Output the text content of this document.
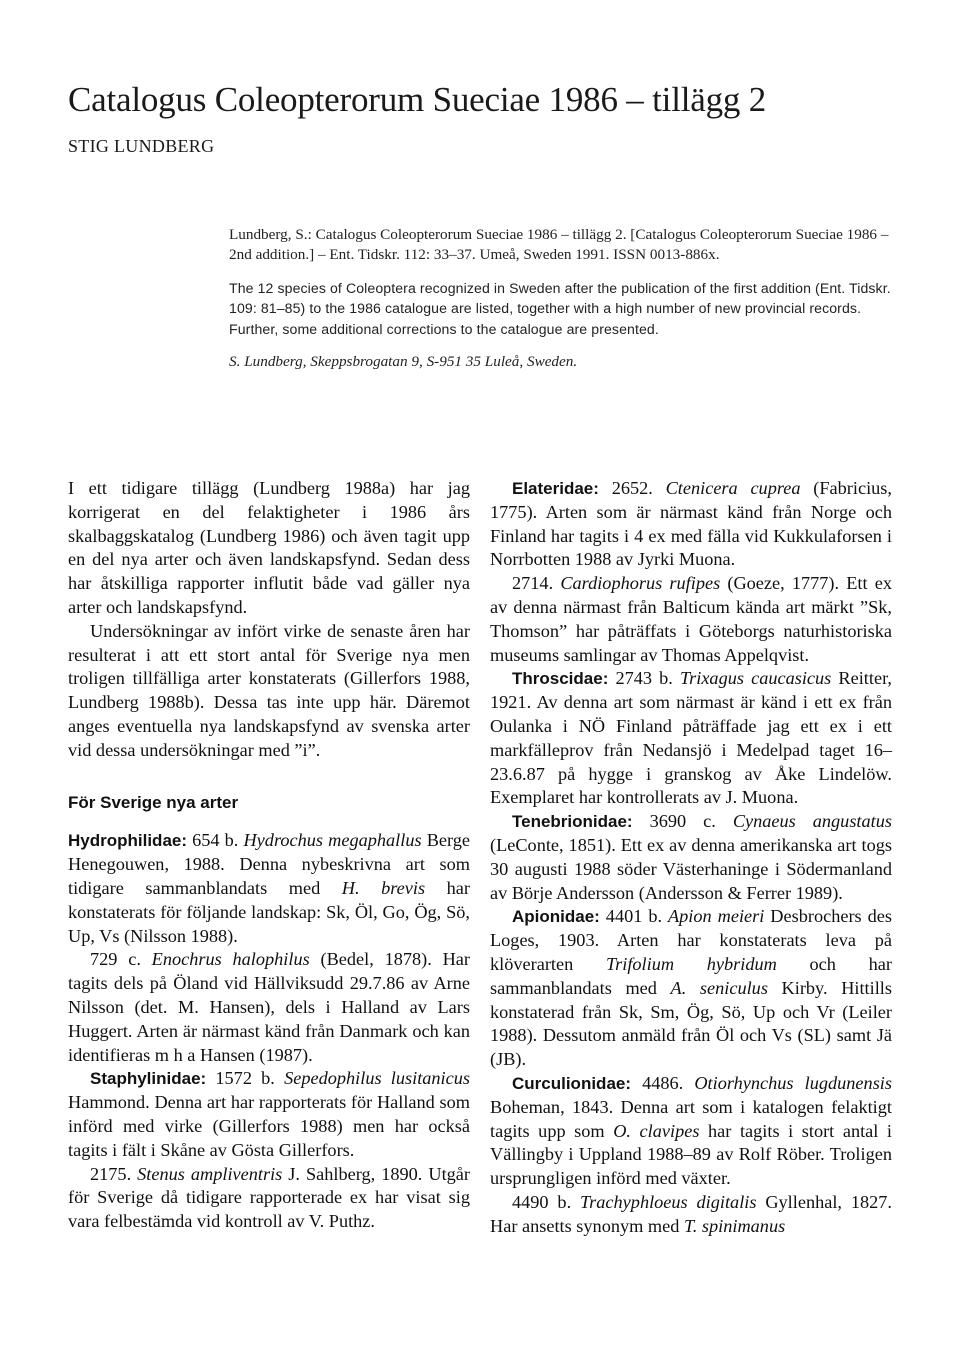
Catalogus Coleopterorum Sueciae 1986 – tillägg 2

STIG LUNDBERG

Lundberg, S.: Catalogus Coleopterorum Sueciae 1986 – tillägg 2. [Catalogus Coleopterorum Sueciae 1986 – 2nd addition.] – Ent. Tidskr. 112: 33–37. Umeå, Sweden 1991. ISSN 0013-886x.

The 12 species of Coleoptera recognized in Sweden after the publication of the first addition (Ent. Tidskr. 109: 81–85) to the 1986 catalogue are listed, together with a high number of new provincial records. Further, some additional corrections to the catalogue are presented.

S. Lundberg, Skeppsbrogatan 9, S-951 35 Luleå, Sweden.

I ett tidigare tillägg (Lundberg 1988a) har jag korrigerat en del felaktigheter i 1986 års skalbaggskatalog (Lundberg 1986) och även tagit upp en del nya arter och även landskapsfynd. Sedan dess har åtskilliga rapporter influtit både vad gäller nya arter och landskapsfynd.

Undersökningar av infört virke de senaste åren har resulterat i att ett stort antal för Sverige nya men troligen tillfälliga arter konstaterats (Gillerfors 1988, Lundberg 1988b). Dessa tas inte upp här. Däremot anges eventuella nya landskapsfynd av svenska arter vid dessa undersökningar med ”i”.

För Sverige nya arter

Hydrophilidae: 654 b. Hydrochus megaphallus Berge Henegouwen, 1988. Denna nybeskrivna art som tidigare sammanblandats med H. brevis har konstaterats för följande landskap: Sk, Öl, Go, Ög, Sö, Up, Vs (Nilsson 1988).

729 c. Enochrus halophilus (Bedel, 1878). Har tagits dels på Öland vid Hällviksudd 29.7.86 av Arne Nilsson (det. M. Hansen), dels i Halland av Lars Huggert. Arten är närmast känd från Danmark och kan identifieras m h a Hansen (1987).

Staphylinidae: 1572 b. Sepedophilus lusitanicus Hammond. Denna art har rapporterats för Halland som införd med virke (Gillerfors 1988) men har också tagits i fält i Skåne av Gösta Gillerfors.

2175. Stenus ampliventris J. Sahlberg, 1890. Utgår för Sverige då tidigare rapporterade ex har visat sig vara felbestämda vid kontroll av V. Puthz.

Elateridae: 2652. Ctenicera cuprea (Fabricius, 1775). Arten som är närmast känd från Norge och Finland har tagits i 4 ex med fälla vid Kukkulaforsen i Norrbotten 1988 av Jyrki Muona.

2714. Cardiophorus rufipes (Goeze, 1777). Ett ex av denna närmast från Balticum kända art märkt ”Sk, Thomson” har påträffats i Göteborgs naturhistoriska museums samlingar av Thomas Appelqvist.

Throscidae: 2743 b. Trixagus caucasicus Reitter, 1921. Av denna art som närmast är känd i ett ex från Oulanka i NÖ Finland påträffade jag ett ex i ett markfälleprov från Nedansjö i Medelpad taget 16–23.6.87 på hygge i granskog av Åke Lindelöw. Exemplaret har kontrollerats av J. Muona.

Tenebrionidae: 3690 c. Cynaeus angustatus (LeConte, 1851). Ett ex av denna amerikanska art togs 30 augusti 1988 söder Västerhaninge i Södermanland av Börje Andersson (Andersson & Ferrer 1989).

Apionidae: 4401 b. Apion meieri Desbrochers des Loges, 1903. Arten har konstaterats leva på klöverarten Trifolium hybridum och har sammanblandats med A. seniculus Kirby. Hittills konstaterad från Sk, Sm, Ög, Sö, Up och Vr (Leiler 1988). Dessutom anmäld från Öl och Vs (SL) samt Jä (JB).

Curculionidae: 4486. Otiorhynchus lugdunensis Boheman, 1843. Denna art som i katalogen felaktigt tagits upp som O. clavipes har tagits i stort antal i Vällingby i Uppland 1988–89 av Rolf Röber. Troligen ursprungligen införd med växter.

4490 b. Trachyphloeus digitalis Gyllenhal, 1827. Har ansetts synonym med T. spinimanus
